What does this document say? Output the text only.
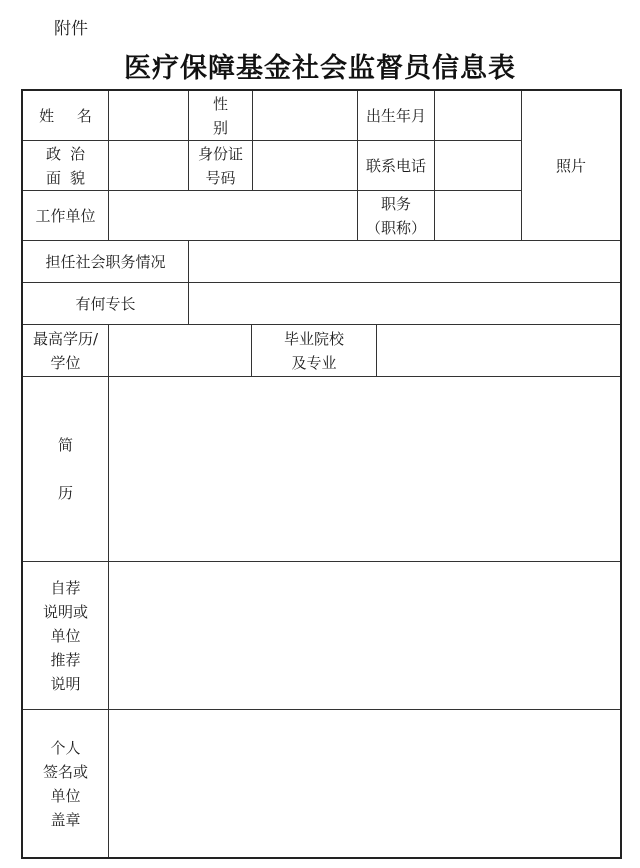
附件
医疗保障基金社会监督员信息表
姓 名
性 别
出生年月
照片
政治
面貌
身份证
号码
联系电话
工作单位
职务
（职称）
担任社会职务情况
有何专长
最高学历/
学位
毕业院校
及专业
简

历
自荐
说明或
单位
推荐
说明
个人
签名或
单位
盖章
